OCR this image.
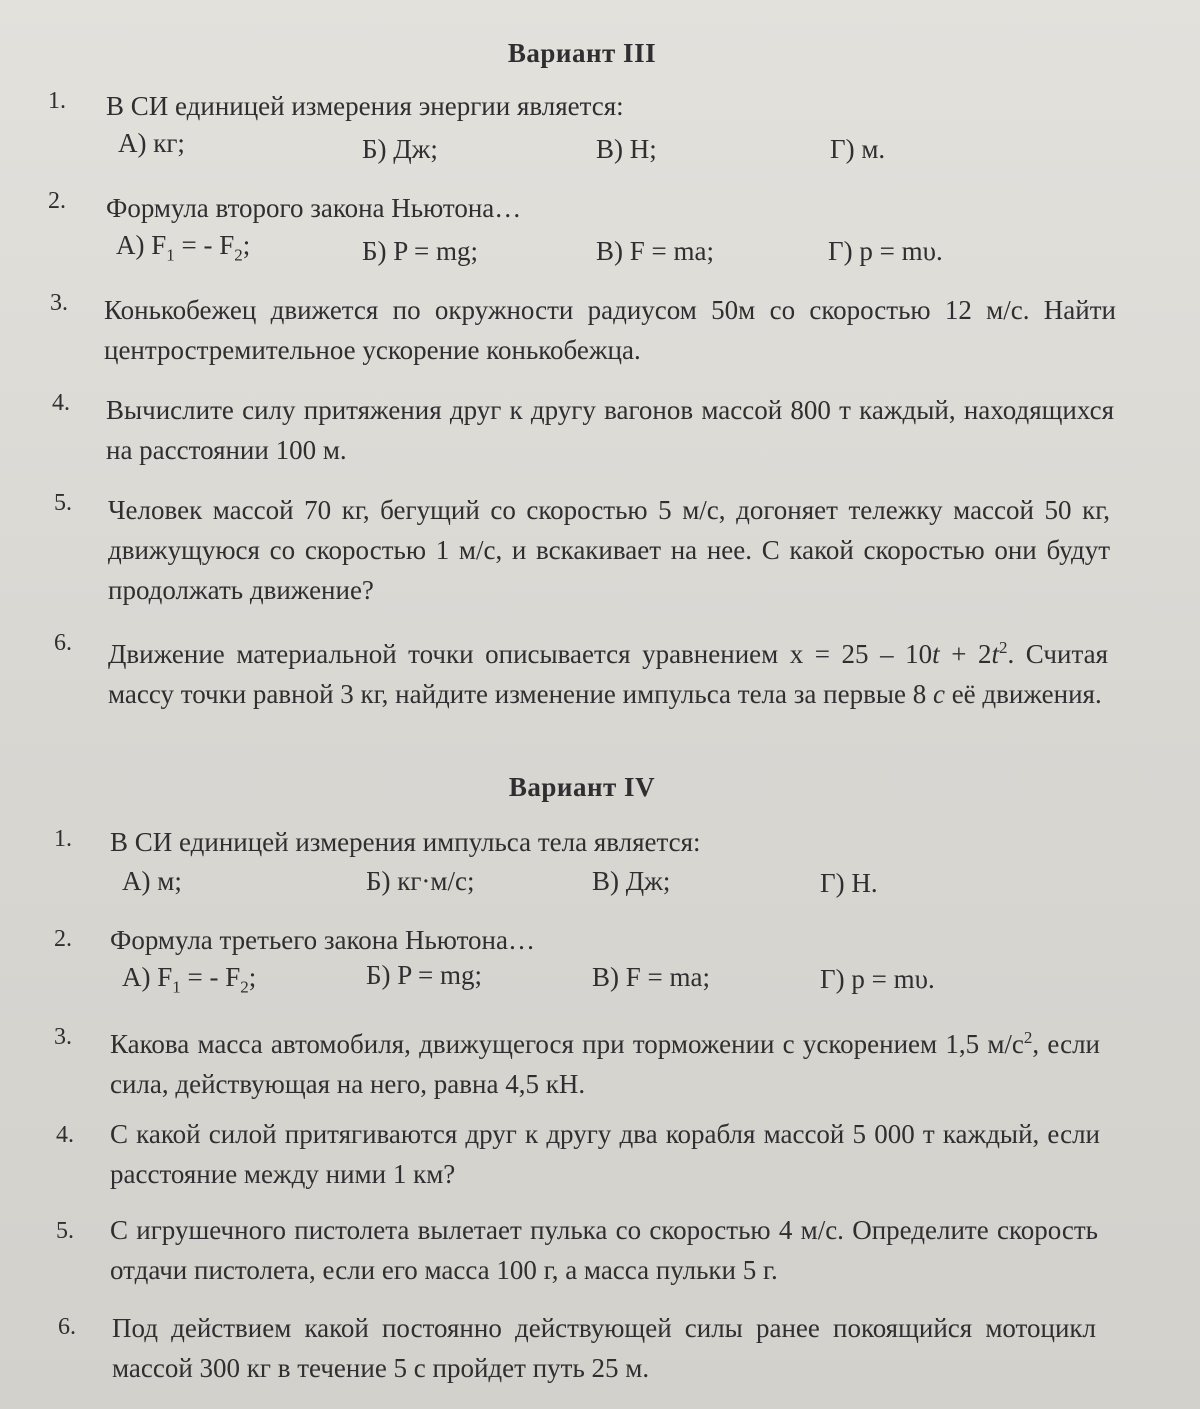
Вариант III
1. В СИ единицей измерения энергии является:
А) кг;	Б) Дж;	В) Н;	Г) м.
2. Формула второго закона Ньютона…
А) $F_1$ = - $F_2$;	Б) P = mg;	В) F = ma;	Г) p = mυ.
3. Конькобежец движется по окружности радиусом 50м со скоростью 12 м/с. Найти центростремительное ускорение конькобежца.
4. Вычислите силу притяжения друг к другу вагонов массой 800 т каждый, находящихся на расстоянии 100 м.
5. Человек массой 70 кг, бегущий со скоростью 5 м/с, догоняет тележку массой 50 кг, движущуюся со скоростью 1 м/с, и вскакивает на нее. С какой скоростью они будут продолжать движение?
6. Движение материальной точки описывается уравнением $x = 25 - 10t + 2t^2$. Считая массу точки равной 3 кг, найдите изменение импульса тела за первые 8 с её движения.
Вариант IV
1. В СИ единицей измерения импульса тела является:
А) м;	Б) кг·м/с;	В) Дж;	Г) Н.
2. Формула третьего закона Ньютона…
А) $F_1$ = - $F_2$;	Б) P = mg;	В) F = ma;	Г) p = mυ.
3. Какова масса автомобиля, движущегося при торможении с ускорением 1,5 $м/с^2$, если сила, действующая на него, равна 4,5 кН.
4. С какой силой притягиваются друг к другу два корабля массой 5 000 т каждый, если расстояние между ними 1 км?
5. С игрушечного пистолета вылетает пулька со скоростью 4 м/с. Определите скорость отдачи пистолета, если его масса 100 г, а масса пульки 5 г.
6. Под действием какой постоянно действующей силы ранее покоящийся мотоцикл массой 300 кг в течение 5 с пройдет путь 25 м.
